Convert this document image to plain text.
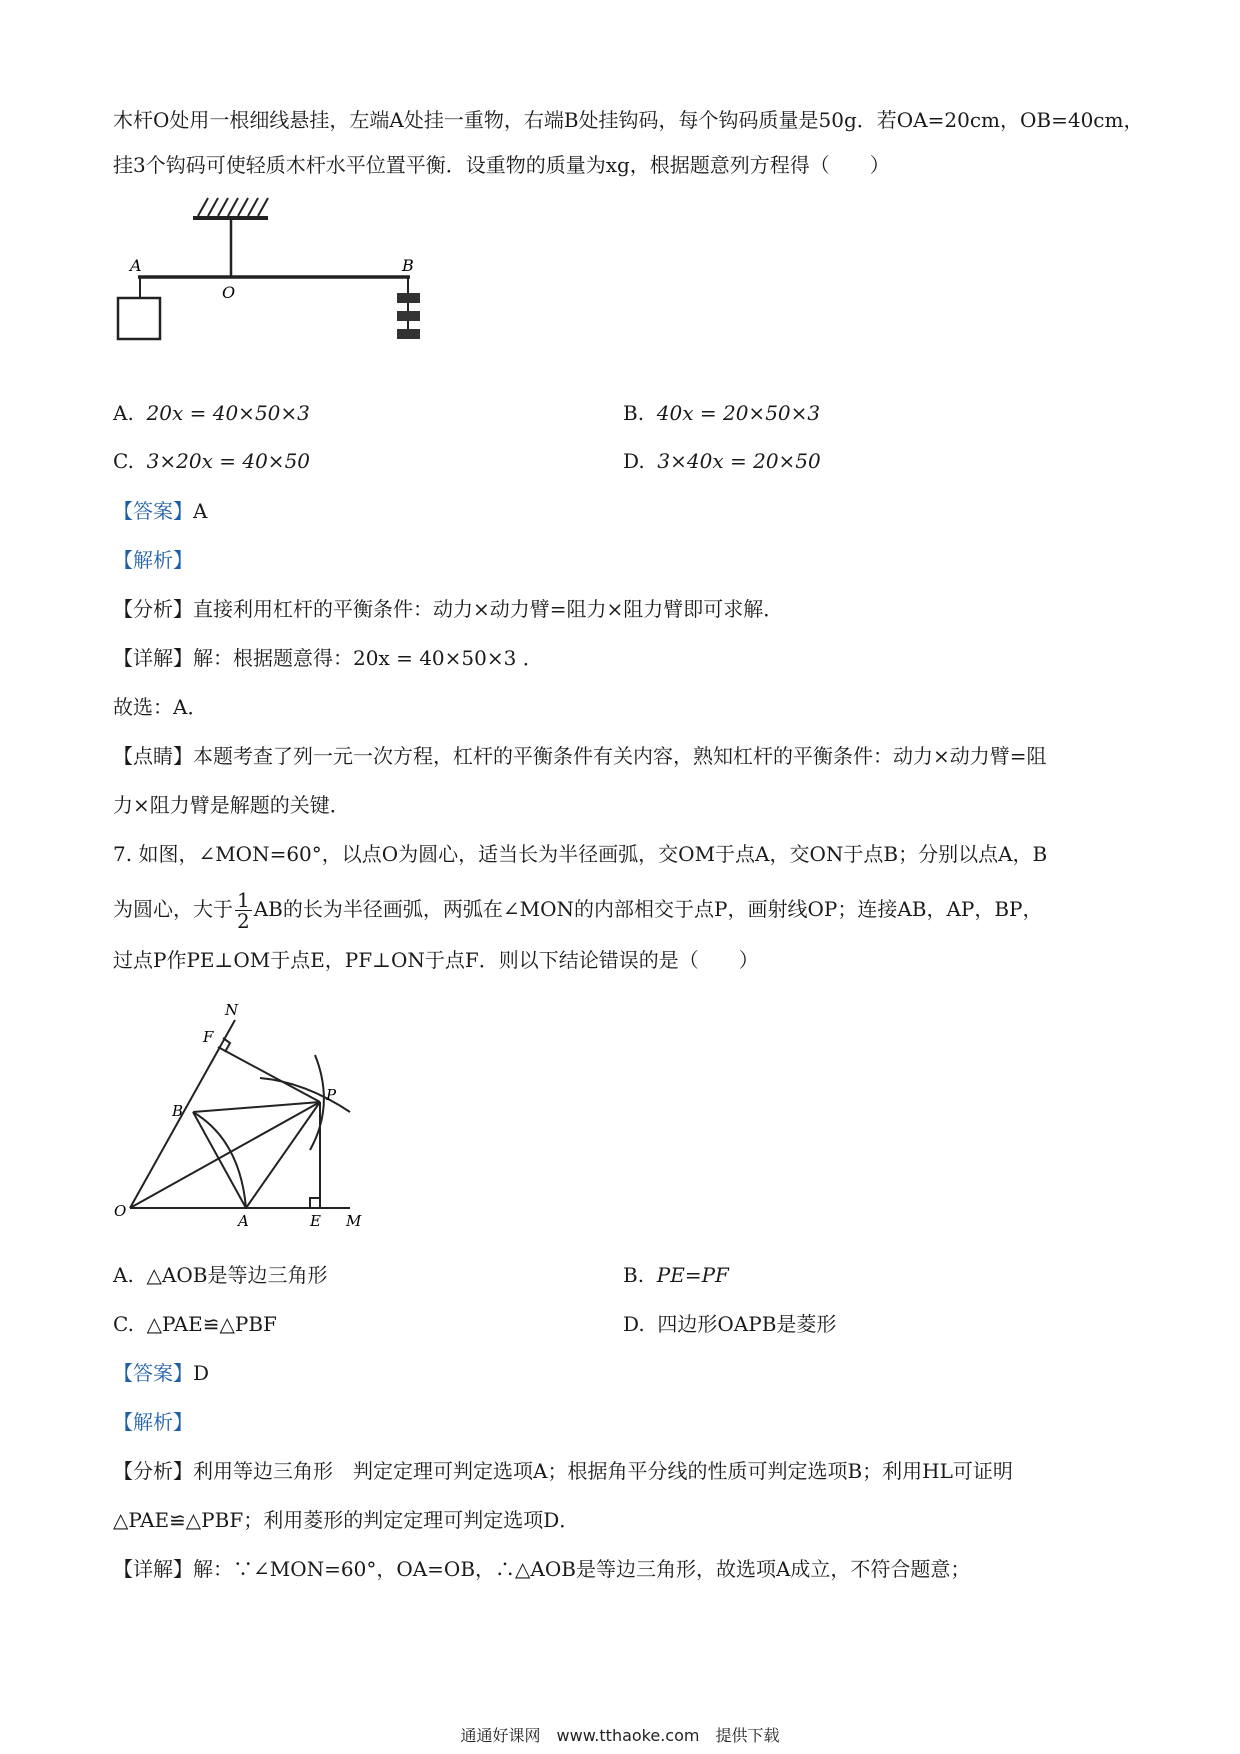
木杆O处用一根细线悬挂，左端A处挂一重物，右端B处挂钩码，每个钩码质量是50g．若OA=20cm，OB=40cm，
挂3个钩码可使轻质木杆水平位置平衡．设重物的质量为xg，根据题意列方程得（　　）
A
O
B
A. 20x = 40×50×3	B. 40x = 20×50×3
C. 3×20x = 40×50	D. 3×40x = 20×50
【答案】A
【解析】
【分析】直接利用杠杆的平衡条件：动力×动力臂=阻力×阻力臂即可求解．
【详解】解：根据题意得：20x = 40×50×3 ．
故选：A．
【点睛】本题考查了列一元一次方程，杠杆的平衡条件有关内容，熟知杠杆的平衡条件：动力×动力臂=阻
力×阻力臂是解题的关键．
7. 如图，∠MON=60°，以点O为圆心，适当长为半径画弧，交OM于点A，交ON于点B；分别以点A，B
为圆心，大于 $\frac{1}{2}$ AB的长为半径画弧，两弧在∠MON的内部相交于点P，画射线OP；连接AB，AP，BP，
过点P作PE⊥OM于点E，PF⊥ON于点F．则以下结论错误的是（　　）
N
F
B
P
O
A	E M
A. △AOB是等边三角形	B. PE=PF
C. △PAE≌△PBF	D. 四边形OAPB是菱形
【答案】D
【解析】
【分析】利用等边三角形　判定定理可判定选项A；根据角平分线的性质可判定选项B；利用HL可证明
△PAE≌△PBF；利用菱形的判定定理可判定选项D．
【详解】解：∵∠MON=60°，OA=OB，∴△AOB是等边三角形，故选项A成立，不符合题意；
通通好课网　www.tthaoke.com　提供下载
